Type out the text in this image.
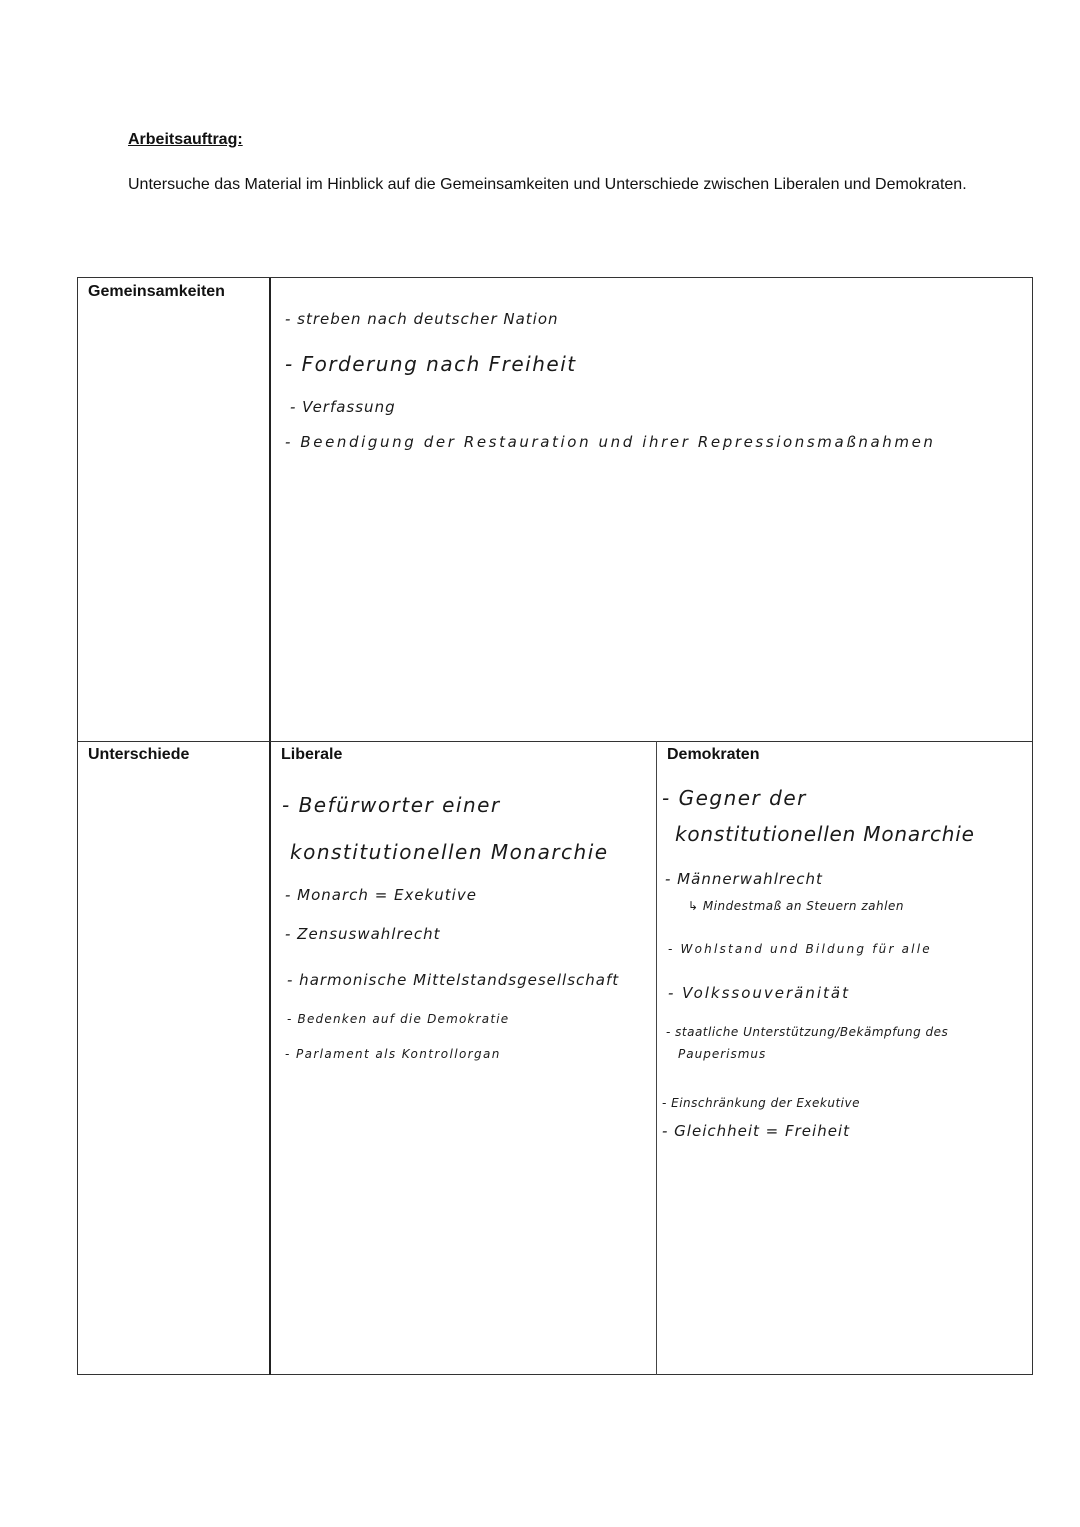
Arbeitsauftrag:
Untersuche das Material im Hinblick auf die Gemeinsamkeiten und Unterschiede zwischen Liberalen und Demokraten.
Gemeinsamkeiten
Unterschiede	Liberale	Demokraten
- streben nach deutscher Nation
- Forderung nach Freiheit
- Verfassung
- Beendigung der Restauration und ihrer Repressionsmaßnahmen
- Befürworter einer
konstitutionellen Monarchie
- Monarch = Exekutive
- Zensuswahlrecht
- harmonische Mittelstandsgesellschaft
- Bedenken auf die Demokratie
- Parlament als Kontrollorgan
- Gegner der
konstitutionellen Monarchie
- Männerwahlrecht
↳ Mindestmaß an Steuern zahlen
- Wohlstand und Bildung für alle
- Volkssouveränität
- staatliche Unterstützung/Bekämpfung des
Pauperismus
- Einschränkung der Exekutive
- Gleichheit = Freiheit
